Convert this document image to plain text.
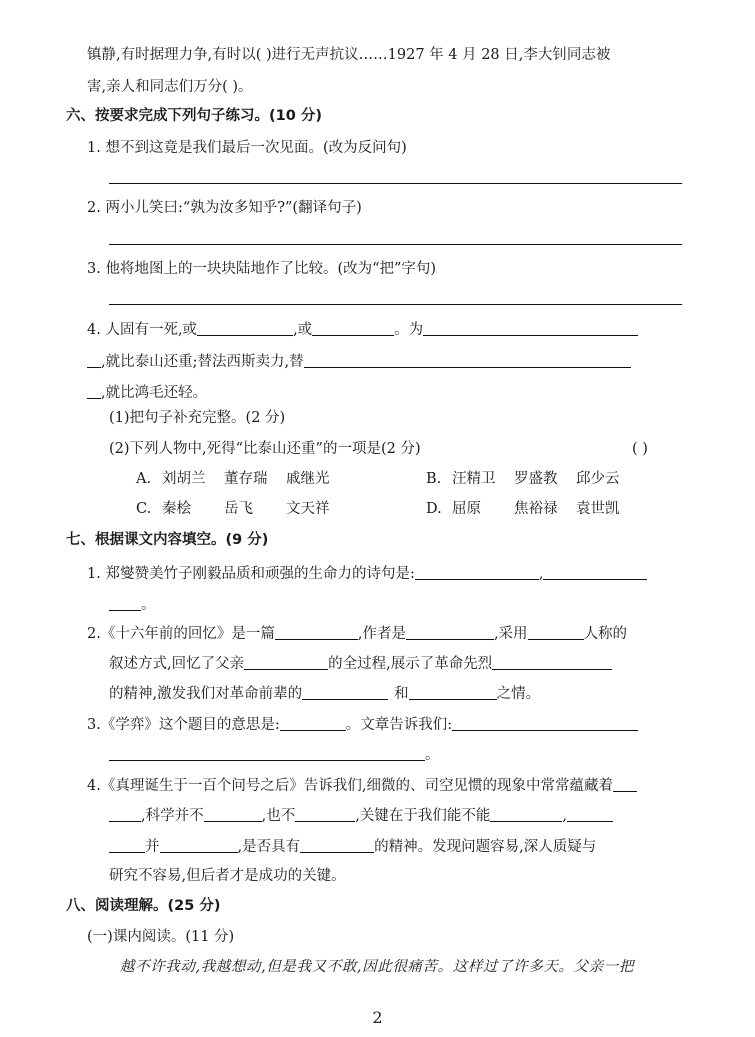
镇静,有时据理力争,有时以( )进行无声抗议……1927 年 4 月 28 日,李大钊同志被
害,亲人和同志们万分( )。
六、按要求完成下列句子练习。(10 分)
1. 想不到这竟是我们最后一次见面。(改为反问句)
2. 两小儿笑曰:“孰为汝多知乎?”(翻译句子)
3. 他将地图上的一块块陆地作了比较。(改为“把”字句)
4. 人固有一死,或	,或	。为
,就比泰山还重;替法西斯卖力,替
,就比鸿毛还轻。
(1)把句子补充完整。(2 分)
(2)下列人物中,死得“比泰山还重”的一项是(2 分)	( )
A. 刘胡兰 董存瑞 戚继光	B. 汪精卫 罗盛教 邱少云
C. 秦桧 岳飞 文天祥	D. 屈原 焦裕禄 袁世凯
七、根据课文内容填空。(9 分)
1. 郑燮赞美竹子刚毅品质和顽强的生命力的诗句是:	,
。
2.《十六年前的回忆》是一篇	,作者是	,采用	人称的
叙述方式,回忆了父亲	的全过程,展示了革命先烈
的精神,激发我们对革命前辈的	和	之情。
3.《学弈》这个题目的意思是:	。文章告诉我们:
。
4.《真理诞生于一百个问号之后》告诉我们,细微的、司空见惯的现象中常常蕴藏着
,科学并不	,也不	,关键在于我们能不能	,
并	,是否具有	的精神。发现问题容易,深人质疑与
研究不容易,但后者才是成功的关键。
八、阅读理解。(25 分)
(一)课内阅读。(11 分)
越不许我动,我越想动,但是我又不敢,因此很痛苦。这样过了许多天。父亲一把
2
